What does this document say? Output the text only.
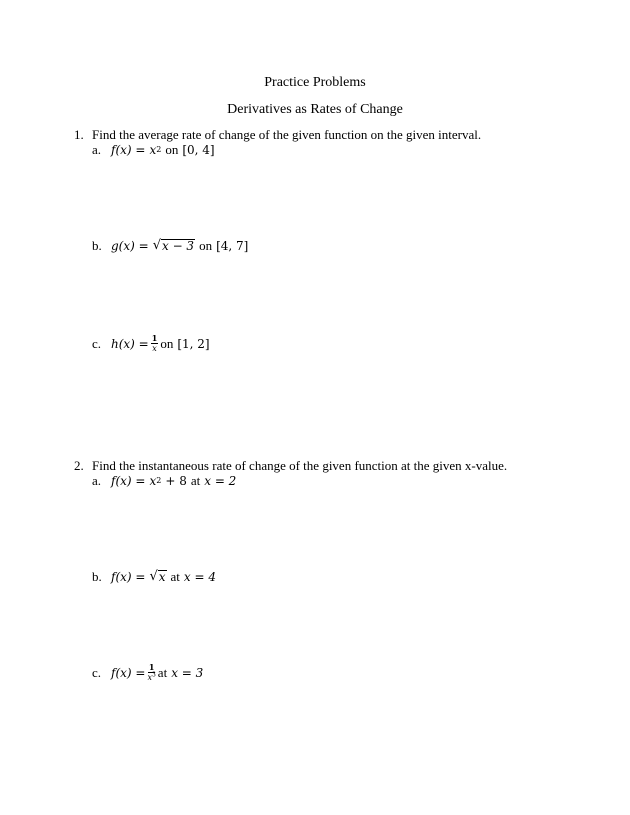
Practice Problems
Derivatives as Rates of Change
1. Find the average rate of change of the given function on the given interval.
a. f(x) = x 2 on [0, 4]
b. g(x) = √ x − 3 on [4, 7]
c. $h(x) = \frac{1}{x}$ on [1, 2]
2. Find the instantaneous rate of change of the given function at the given x-value.
a. f(x) = x 2 + 8 at x = 2
b. f(x) = √ x at x = 4
c. $f(x) = \frac{1}{x^3}$ at x = 3
